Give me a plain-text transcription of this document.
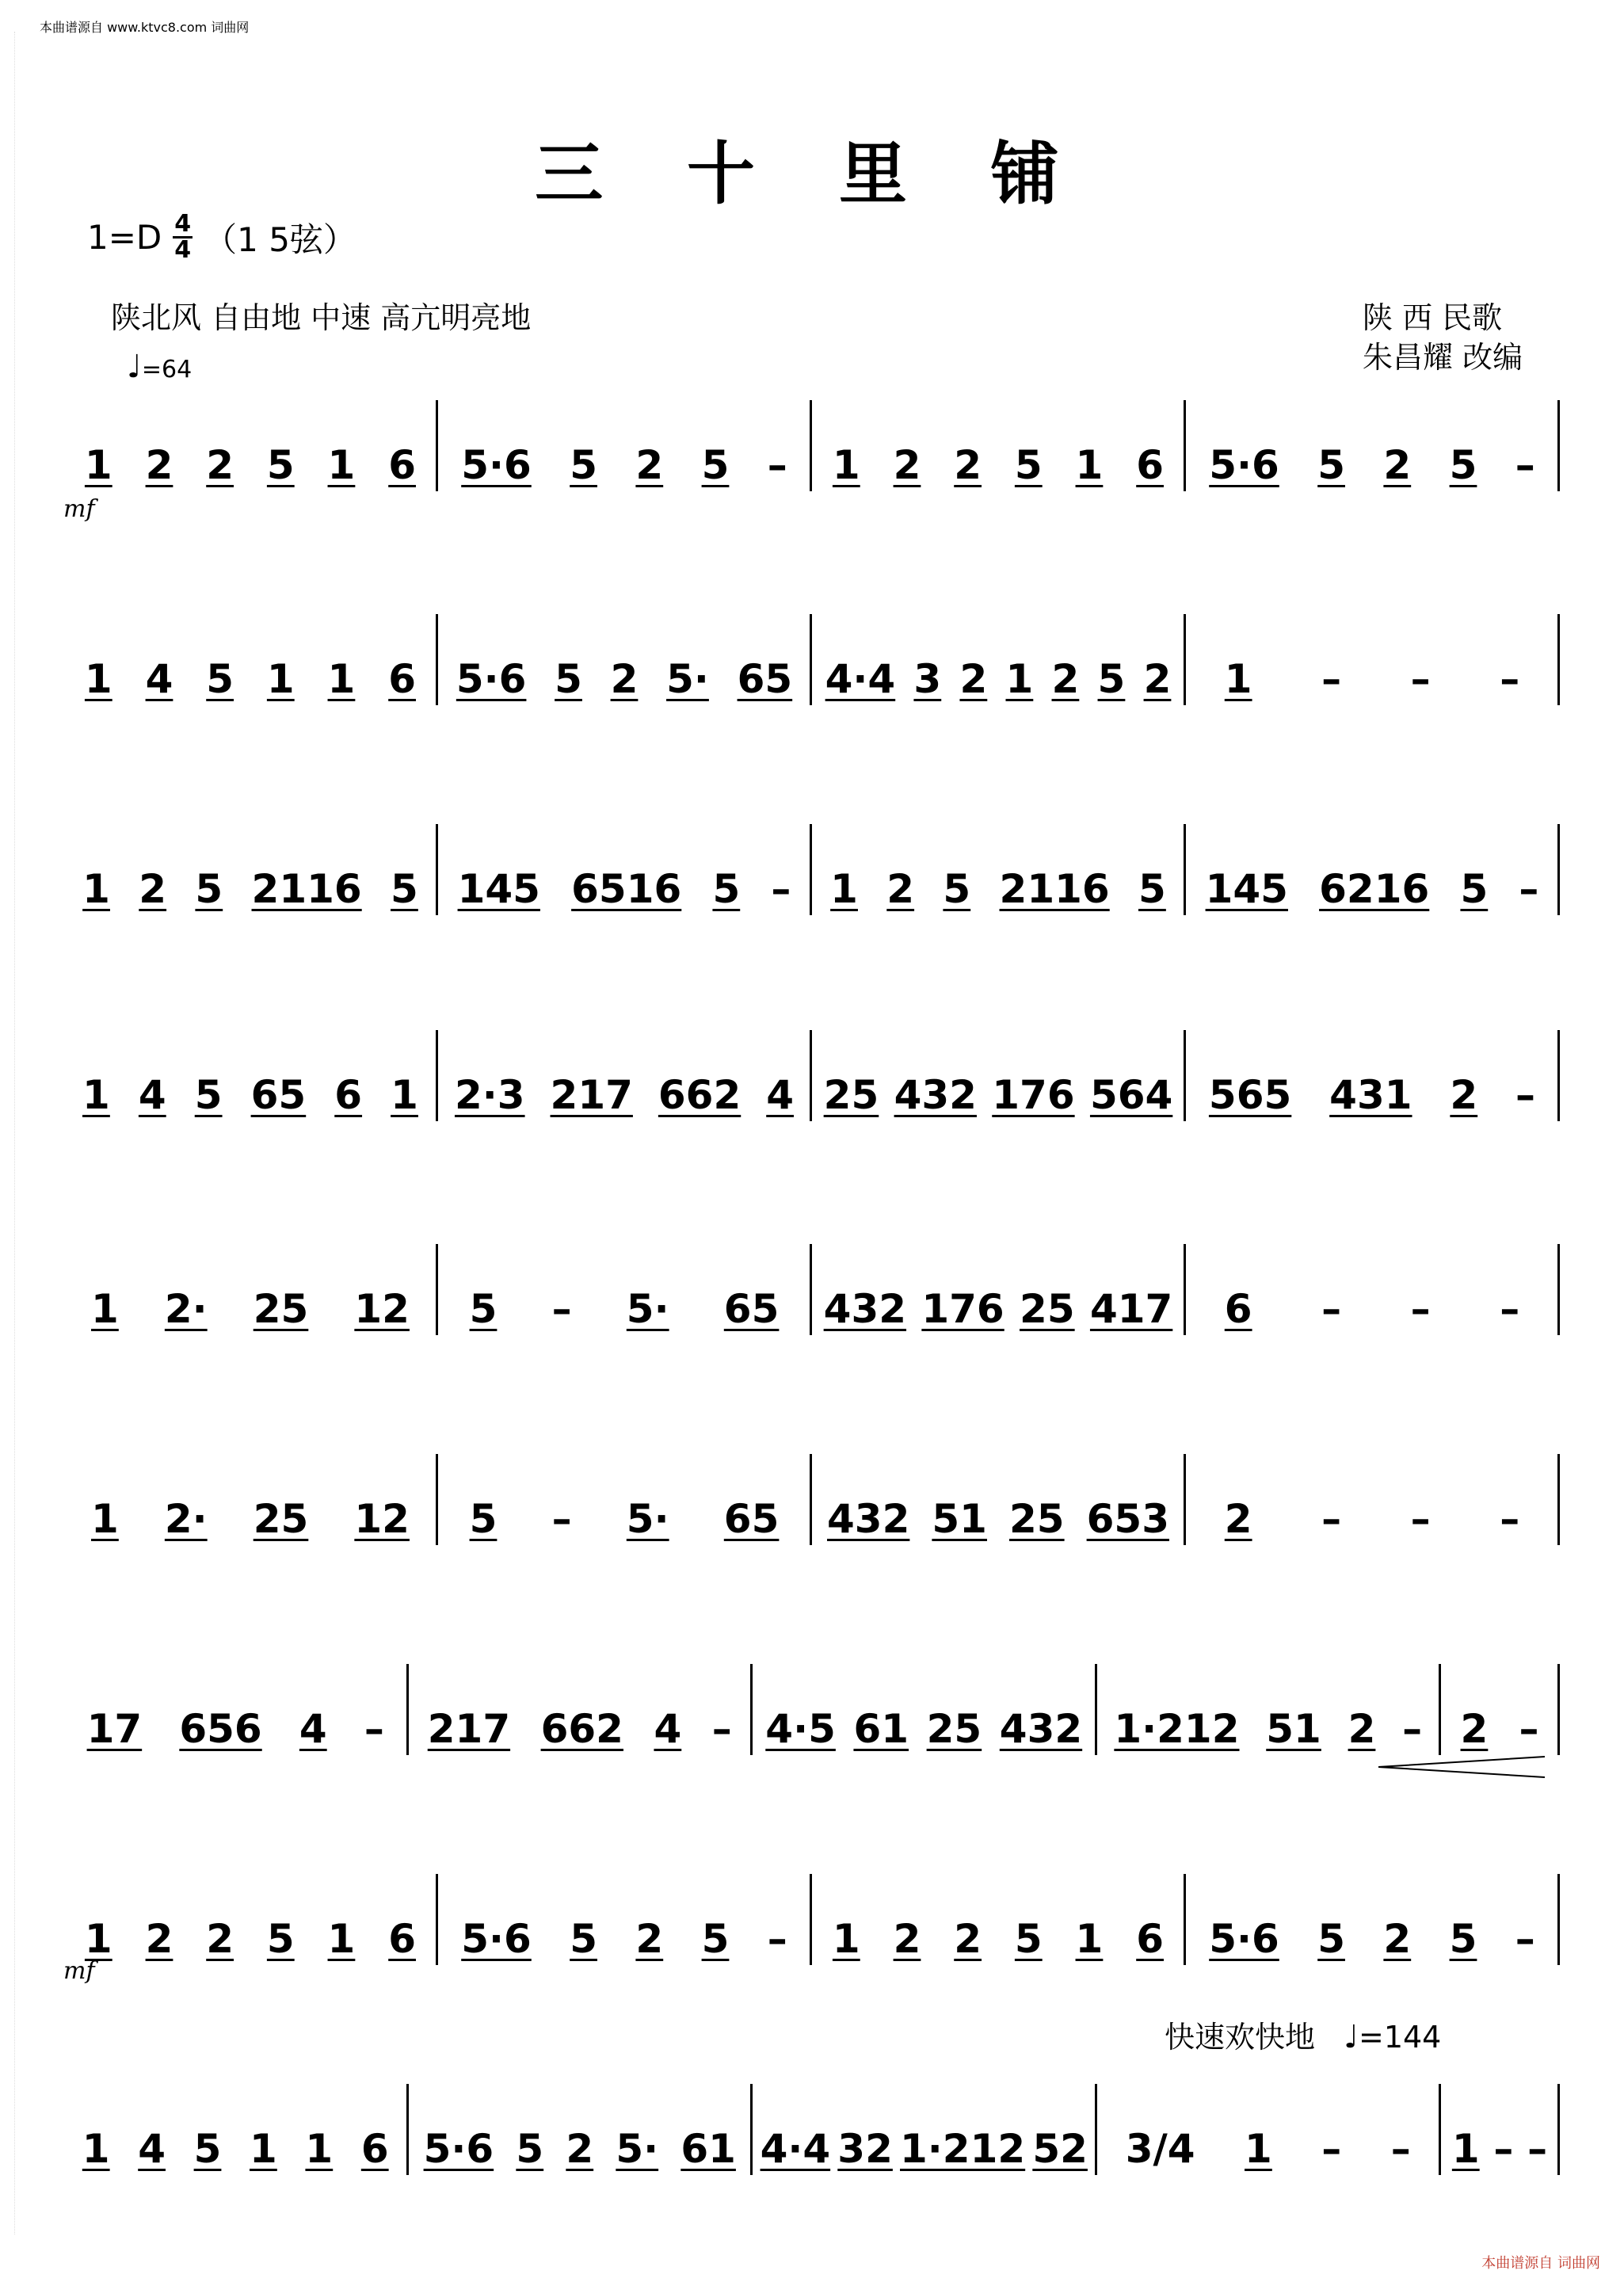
本曲谱源自 www.ktvc8.com 词曲网
本曲谱源自 词曲网
三 十 里 铺
$1=D \frac{4}{4} (1$ 5弦）
陕北风 自由地 中速 高亢明亮地	陕 西 民歌
朱昌耀 改编
♩=64
快速欢快地 ♩=144
mf
mf
1 2 2 5 1 6 5·6 5 2 5 – 1 2 2 5 1 6 5·6 5 2 5 –
1 4 5 1 1 6 5·6 5 2 5· 65 4·4 3 2 1 2 5 2 1 – – –
1 2 5 2116 5 145 6516 5 – 1 2 5 2116 5 145 6216 5 –
1 4 5 65 6 1 2·3 217 662 4 25 432 176 564 565 431 2 –
1 2· 25 12 5 – 5· 65 432 176 25 417 6 – – –
1 2· 25 12 5 – 5· 65 432 51 25 653 2 – – –
17 656 4 – 217 662 4 – 4·5 61 25 432 1·212 51 2 – 2 –
1 2 2 5 1 6 5·6 5 2 5 – 1 2 2 5 1 6 5·6 5 2 5 –
1 4 5 1 1 6 5·6 5 2 5· 61 4·4 32 1·212 52 3/4 1 – – 1 – –
